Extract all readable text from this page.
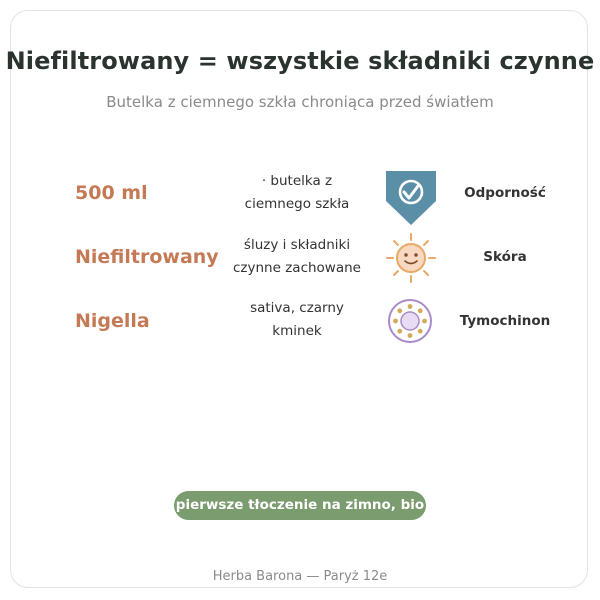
Niefiltrowany = wszystkie składniki czynne
Butelka z ciemnego szkła chroniąca przed światłem
500 ml
· butelka z
ciemnego szkła
Odporność
Niefiltrowany
śluzy i składniki
czynne zachowane
Skóra
Nigella
sativa, czarny
kminek
Tymochinon
pierwsze tłoczenie na zimno, bio
Herba Barona — Paryż 12e
